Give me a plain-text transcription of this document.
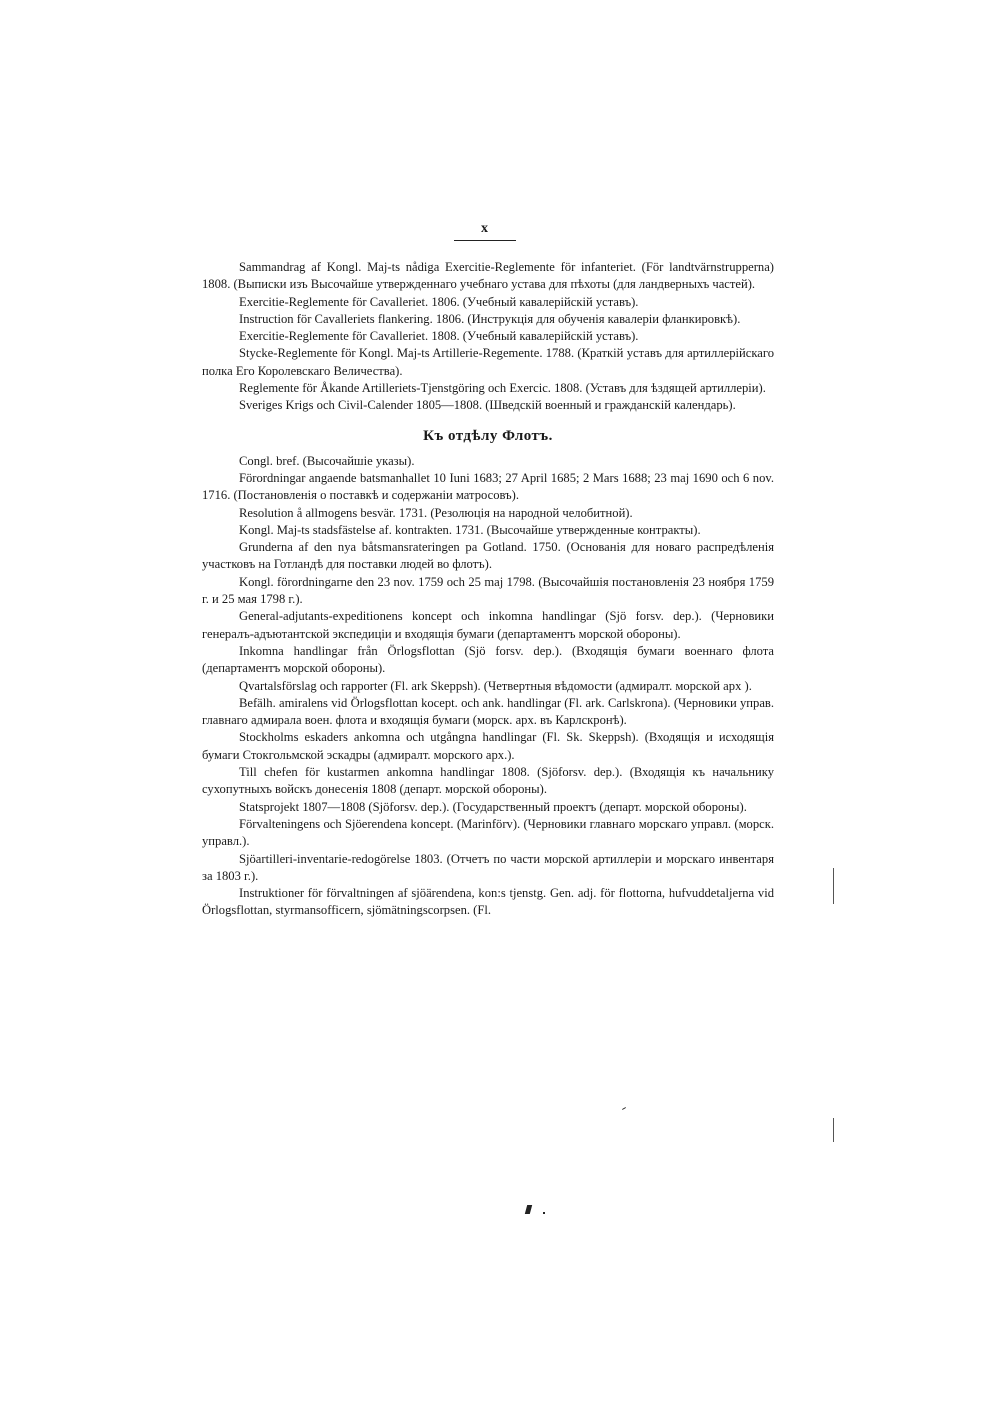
x

Sammandrag af Kongl. Maj-ts nådiga Exercitie-Reglemente för infanteriet. (För landtvärnstrupperna) 1808. (Выписки изъ Высочайше утвержденнаго учебнаго устава для пѣхоты (для ландверныхъ частей).

Exercitie-Reglemente för Cavalleriet. 1806. (Учебный кавалерійскій уставъ).

Instruction för Cavalleriets flankering. 1806. (Инструкція для обученія кавалеріи фланкировкѣ).

Exercitie-Reglemente för Cavalleriet. 1808. (Учебный кавалерійскій уставъ).

Stycke-Reglemente för Kongl. Maj-ts Artillerie-Regemente. 1788. (Краткій уставъ для артиллерійскаго полка Его Королевскаго Величества).

Reglemente för Åkande Artilleriets-Tjenstgöring och Exercic. 1808. (Уставъ для ѣздящей артиллеріи).

Sveriges Krigs och Civil-Calender 1805—1808. (Шведскій военный и гражданскій календарь).

Къ отдѣлу Флотъ.

Congl. bref. (Высочайшіе указы).

Förordningar angaende batsmanhallet 10 Iuni 1683; 27 April 1685; 2 Mars 1688; 23 maj 1690 och 6 nov. 1716. (Постановленія о поставкѣ и содержаніи матросовъ).

Resolution å allmogens besvär. 1731. (Резолюція на народной челобитной).

Kongl. Maj-ts stadsfästelse af. kontrakten. 1731. (Высочайше утвержденные контракты).

Grunderna af den nya båtsmansrateringen pa Gotland. 1750. (Основанія для новаго распредѣленія участковъ на Готландѣ для поставки людей во флотъ).

Kongl. förordningarne den 23 nov. 1759 och 25 maj 1798. (Высочайшія постановленія 23 ноября 1759 г. и 25 мая 1798 г.).

General-adjutants-expeditionens koncept och inkomna handlingar (Sjö forsv. dep.). (Черновики генералъ-адъютантской экспедиціи и входящія бумаги (департаментъ морской обороны).

Inkomna handlingar från Örlogsflottan (Sjö forsv. dep.). (Входящія бумаги военнаго флота (департаментъ морской обороны).

Qvartalsförslag och rapporter (Fl. ark Skeppsh). (Четвертныя вѣдомости (адмиралт. морской арх ).

Befälh. amiralens vid Örlogsflottan kocept. och ank. handlingar (Fl. ark. Carlskrona). (Черновики управ. главнаго адмирала воен. флота и входящія бумаги (морск. арх. въ Карлскронѣ).

Stockholms eskaders ankomna och utgångna handlingar (Fl. Sk. Skeppsh). (Входящія и исходящія бумаги Стокгольмской эскадры (адмиралт. морского арх.).

Till chefen för kustarmen ankomna handlingar 1808. (Sjöforsv. dep.). (Входящія къ начальнику сухопутныхъ войскъ донесенія 1808 (департ. морской обороны).

Statsprojekt 1807—1808 (Sjöforsv. dep.). (Государственный проектъ (департ. морской обороны).

Förvalteningens och Sjöerendena koncept. (Marinförv). (Черновики главнаго морскаго управл. (морск. управл.).

Sjöartilleri-inventarie-redogörelse 1803. (Отчетъ по части морской артиллеріи и морскаго инвентаря за 1803 г.).

Instruktioner för förvaltningen af sjöärendena, kon:s tjenstg. Gen. adj. för flottorna, hufvuddetaljerna vid Örlogsflottan, styrmansofficern, sjömätningscorpsen. (Fl.
